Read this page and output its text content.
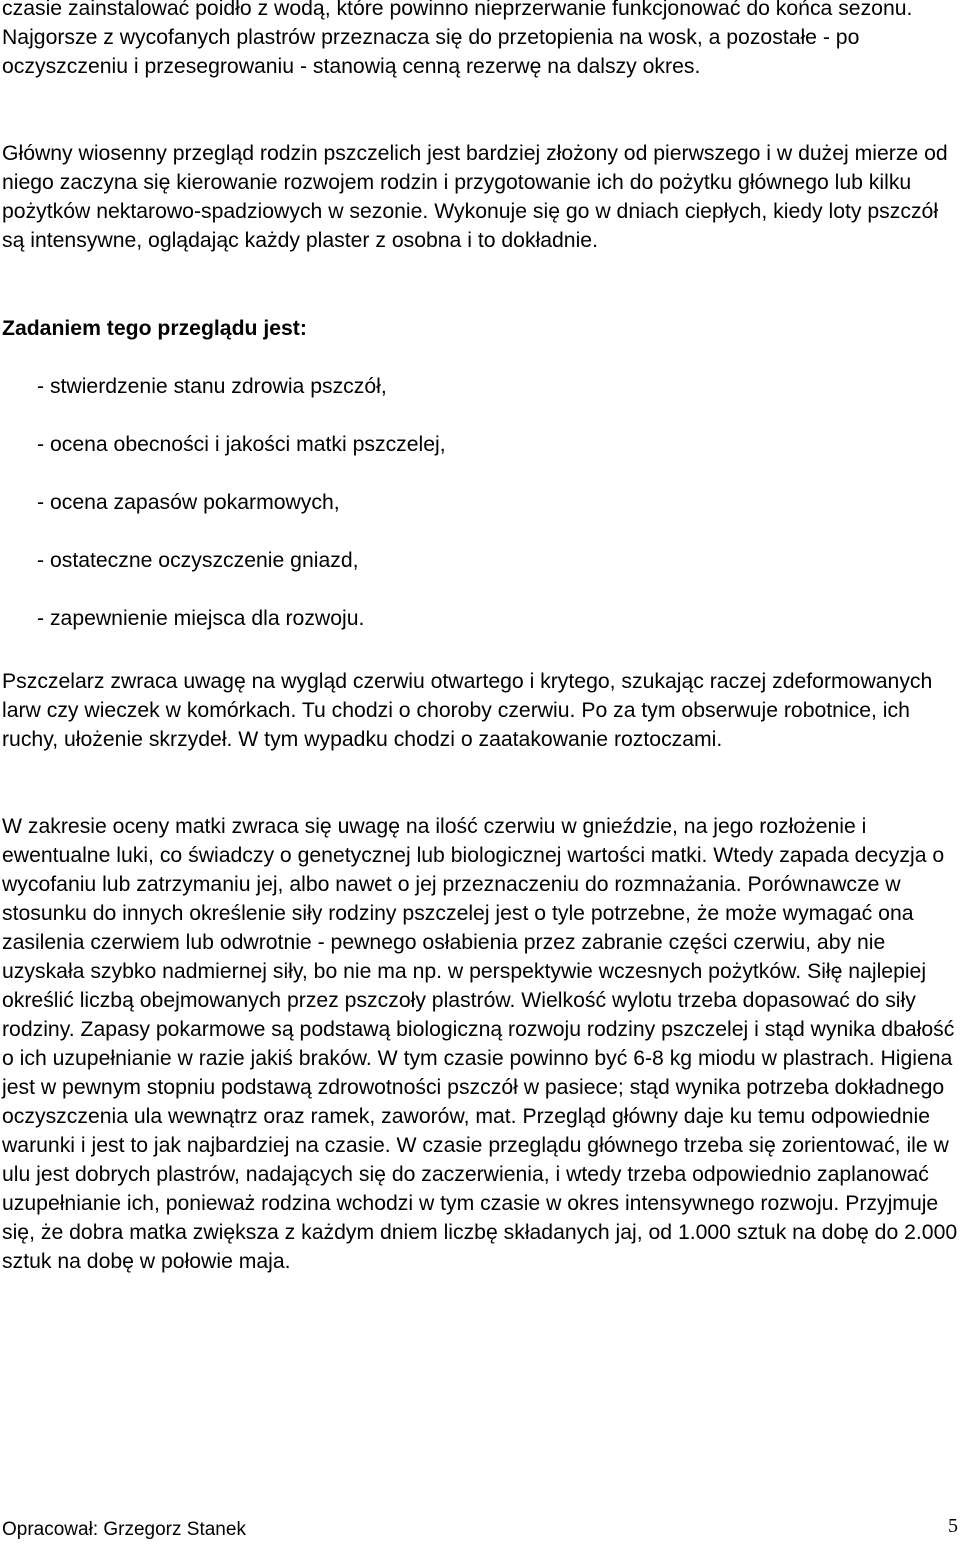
czasie zainstalować poidło z wodą, które powinno nieprzerwanie funkcjonować do końca sezonu. Najgorsze z wycofanych plastrów przeznacza się do przetopienia na wosk, a pozostałe - po oczyszczeniu i przesegrowaniu - stanowią cenną rezerwę na dalszy okres.

Główny wiosenny przegląd rodzin pszczelich jest bardziej złożony od pierwszego i w dużej mierze od niego zaczyna się kierowanie rozwojem rodzin i przygotowanie ich do pożytku głównego lub kilku pożytków nektarowo-spadziowych w sezonie. Wykonuje się go w dniach ciepłych, kiedy loty pszczół są intensywne, oglądając każdy plaster z osobna i to dokładnie.

Zadaniem tego przeglądu jest:

- stwierdzenie stanu zdrowia pszczół,
- ocena obecności i jakości matki pszczelej,
- ocena zapasów pokarmowych,
- ostateczne oczyszczenie gniazd,
- zapewnienie miejsca dla rozwoju.

Pszczelarz zwraca uwagę na wygląd czerwiu otwartego i krytego, szukając raczej zdeformowanych larw czy wieczek w komórkach. Tu chodzi o choroby czerwiu. Po za tym obserwuje robotnice, ich ruchy, ułożenie skrzydeł. W tym wypadku chodzi o zaatakowanie roztoczami.

W zakresie oceny matki zwraca się uwagę na ilość czerwiu w gnieździe, na jego rozłożenie i ewentualne luki, co świadczy o genetycznej lub biologicznej wartości matki. Wtedy zapada decyzja o wycofaniu lub zatrzymaniu jej, albo nawet o jej przeznaczeniu do rozmnażania. Porównawcze w stosunku do innych określenie siły rodziny pszczelej jest o tyle potrzebne, że może wymagać ona zasilenia czerwiem lub odwrotnie - pewnego osłabienia przez zabranie części czerwiu, aby nie uzyskała szybko nadmiernej siły, bo nie ma np. w perspektywie wczesnych pożytków. Siłę najlepiej określić liczbą obejmowanych przez pszczoły plastrów. Wielkość wylotu trzeba dopasować do siły rodziny. Zapasy pokarmowe są podstawą biologiczną rozwoju rodziny pszczelej i stąd wynika dbałość o ich uzupełnianie w razie jakiś braków. W tym czasie powinno być 6-8 kg miodu w plastrach. Higiena jest w pewnym stopniu podstawą zdrowotności pszczół w pasiece; stąd wynika potrzeba dokładnego oczyszczenia ula wewnątrz oraz ramek, zaworów, mat. Przegląd główny daje ku temu odpowiednie warunki i jest to jak najbardziej na czasie. W czasie przeglądu głównego trzeba się zorientować, ile w ulu jest dobrych plastrów, nadających się do zaczerwienia, i wtedy trzeba odpowiednio zaplanować uzupełnianie ich, ponieważ rodzina wchodzi w tym czasie w okres intensywnego rozwoju. Przyjmuje się, że dobra matka zwiększa z każdym dniem liczbę składanych jaj, od 1.000 sztuk na dobę do 2.000 sztuk na dobę w połowie maja.

Opracował: Grzegorz Stanek	5
